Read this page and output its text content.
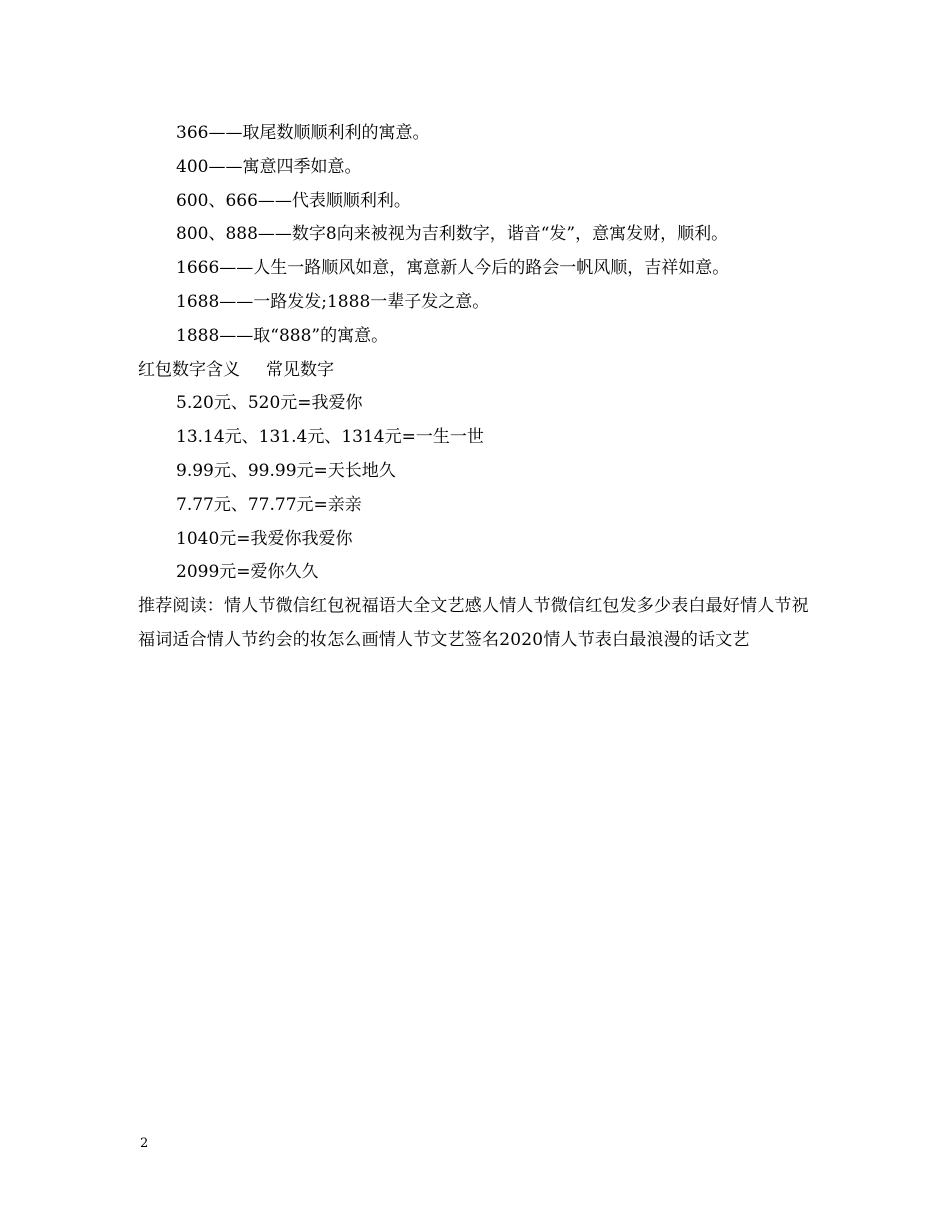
366——取尾数顺顺利利的寓意。
400——寓意四季如意。
600、666——代表顺顺利利。
800、888——数字8向来被视为吉利数字，谐音“发”，意寓发财，顺利。
1666——人生一路顺风如意，寓意新人今后的路会一帆风顺，吉祥如意。
1688——一路发发;1888一辈子发之意。
1888——取“888”的寓意。
红包数字含义 常见数字
5.20元、520元=我爱你
13.14元、131.4元、1314元=一生一世
9.99元、99.99元=天长地久
7.77元、77.77元=亲亲
1040元=我爱你我爱你
2099元=爱你久久
推荐阅读：情人节微信红包祝福语大全文艺感人情人节微信红包发多少表白最好情人节祝福词适合情人节约会的妆怎么画情人节文艺签名2020情人节表白最浪漫的话文艺
2
